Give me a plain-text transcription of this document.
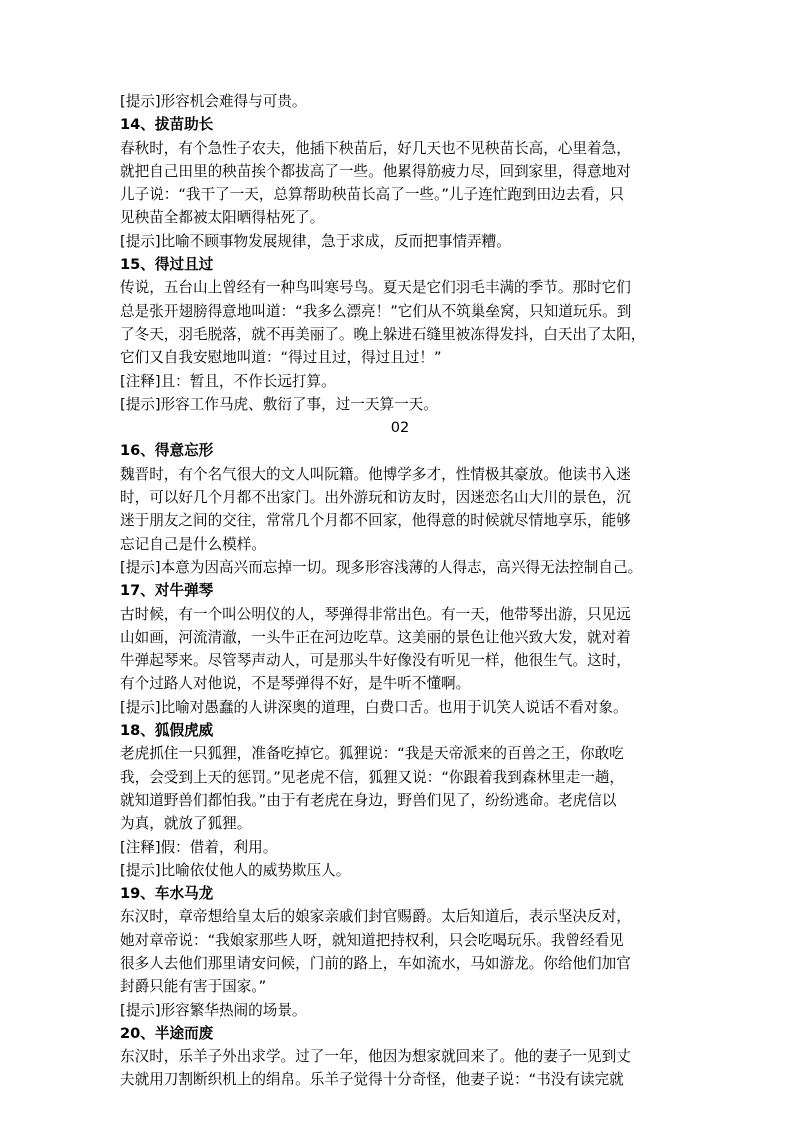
[提示]形容机会难得与可贵。

14、拔苗助长

春秋时，有个急性子农夫，他插下秧苗后，好几天也不见秧苗长高，心里着急，

就把自己田里的秧苗挨个都拔高了一些。他累得筋疲力尽，回到家里，得意地对

儿子说：“我干了一天，总算帮助秧苗长高了一些。”儿子连忙跑到田边去看，只

见秧苗全都被太阳晒得枯死了。

[提示]比喻不顾事物发展规律，急于求成，反而把事情弄糟。

15、得过且过

传说，五台山上曾经有一种鸟叫寒号鸟。夏天是它们羽毛丰满的季节。那时它们

总是张开翅膀得意地叫道：“我多么漂亮！”它们从不筑巢垒窝，只知道玩乐。到

了冬天，羽毛脱落，就不再美丽了。晚上躲进石缝里被冻得发抖，白天出了太阳，

它们又自我安慰地叫道：“得过且过，得过且过！”

[注释]且：暂且，不作长远打算。

[提示]形容工作马虎、敷衍了事，过一天算一天。

02

16、得意忘形

魏晋时，有个名气很大的文人叫阮籍。他博学多才，性情极其豪放。他读书入迷

时，可以好几个月都不出家门。出外游玩和访友时，因迷恋名山大川的景色，沉

迷于朋友之间的交往，常常几个月都不回家，他得意的时候就尽情地享乐，能够

忘记自己是什么模样。

[提示]本意为因高兴而忘掉一切。现多形容浅薄的人得志，高兴得无法控制自己。

17、对牛弹琴

古时候，有一个叫公明仪的人，琴弹得非常出色。有一天，他带琴出游，只见远

山如画，河流清澈，一头牛正在河边吃草。这美丽的景色让他兴致大发，就对着

牛弹起琴来。尽管琴声动人，可是那头牛好像没有听见一样，他很生气。这时，

有个过路人对他说，不是琴弹得不好，是牛听不懂啊。

[提示]比喻对愚蠢的人讲深奥的道理，白费口舌。也用于讥笑人说话不看对象。

18、狐假虎威

老虎抓住一只狐狸，准备吃掉它。狐狸说：“我是天帝派来的百兽之王，你敢吃

我，会受到上天的惩罚。”见老虎不信，狐狸又说：“你跟着我到森林里走一趟，

就知道野兽们都怕我。”由于有老虎在身边，野兽们见了，纷纷逃命。老虎信以

为真，就放了狐狸。

[注释]假：借着，利用。

[提示]比喻依仗他人的威势欺压人。

19、车水马龙

东汉时，章帝想给皇太后的娘家亲戚们封官赐爵。太后知道后，表示坚决反对，

她对章帝说：“我娘家那些人呀，就知道把持权利，只会吃喝玩乐。我曾经看见

很多人去他们那里请安问候，门前的路上，车如流水，马如游龙。你给他们加官

封爵只能有害于国家。”

[提示]形容繁华热闹的场景。

20、半途而废

东汉时，乐羊子外出求学。过了一年，他因为想家就回来了。他的妻子一见到丈

夫就用刀割断织机上的绢帛。乐羊子觉得十分奇怪，他妻子说：“书没有读完就
